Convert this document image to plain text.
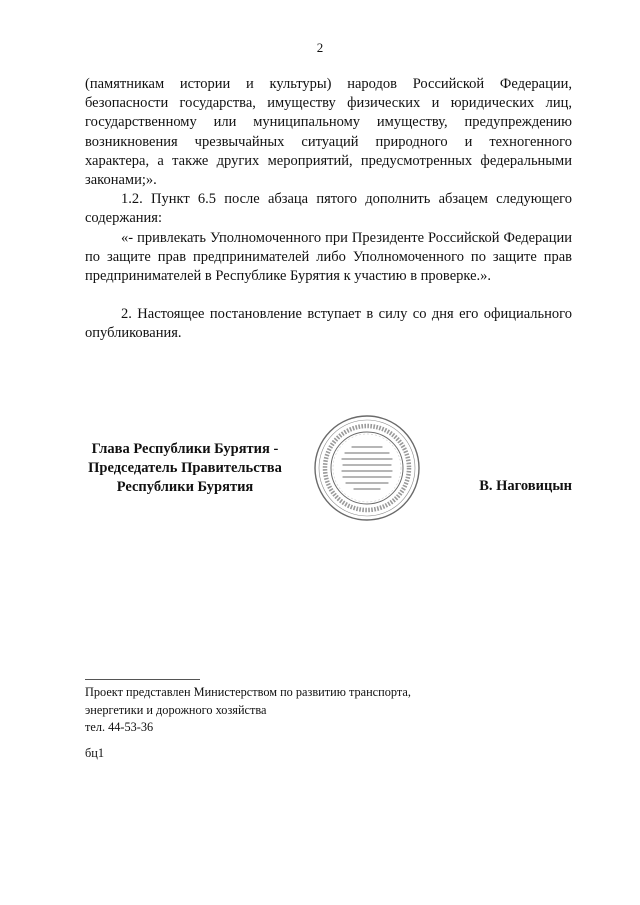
2

(памятникам истории и культуры) народов Российской Федерации, безопасности государства, имуществу физических и юридических лиц, государственному или муниципальному имуществу, предупреждению возникновения чрезвычайных ситуаций природного и техногенного характера, а также других мероприятий, предусмотренных федеральными законами;».

1.2. Пункт 6.5 после абзаца пятого дополнить абзацем следующего содержания:

«- привлекать Уполномоченного при Президенте Российской Федерации по защите прав предпринимателей либо Уполномоченного по защите прав предпринимателей в Республике Бурятия к участию в проверке.».

2. Настоящее постановление вступает в силу со дня его официального опубликования.

Глава Республики Бурятия -
Председатель Правительства
Республики Бурятия	В. Наговицын
Проект представлен Министерством по развитию транспорта,
энергетики и дорожного хозяйства
тел. 44-53-36
бц1
